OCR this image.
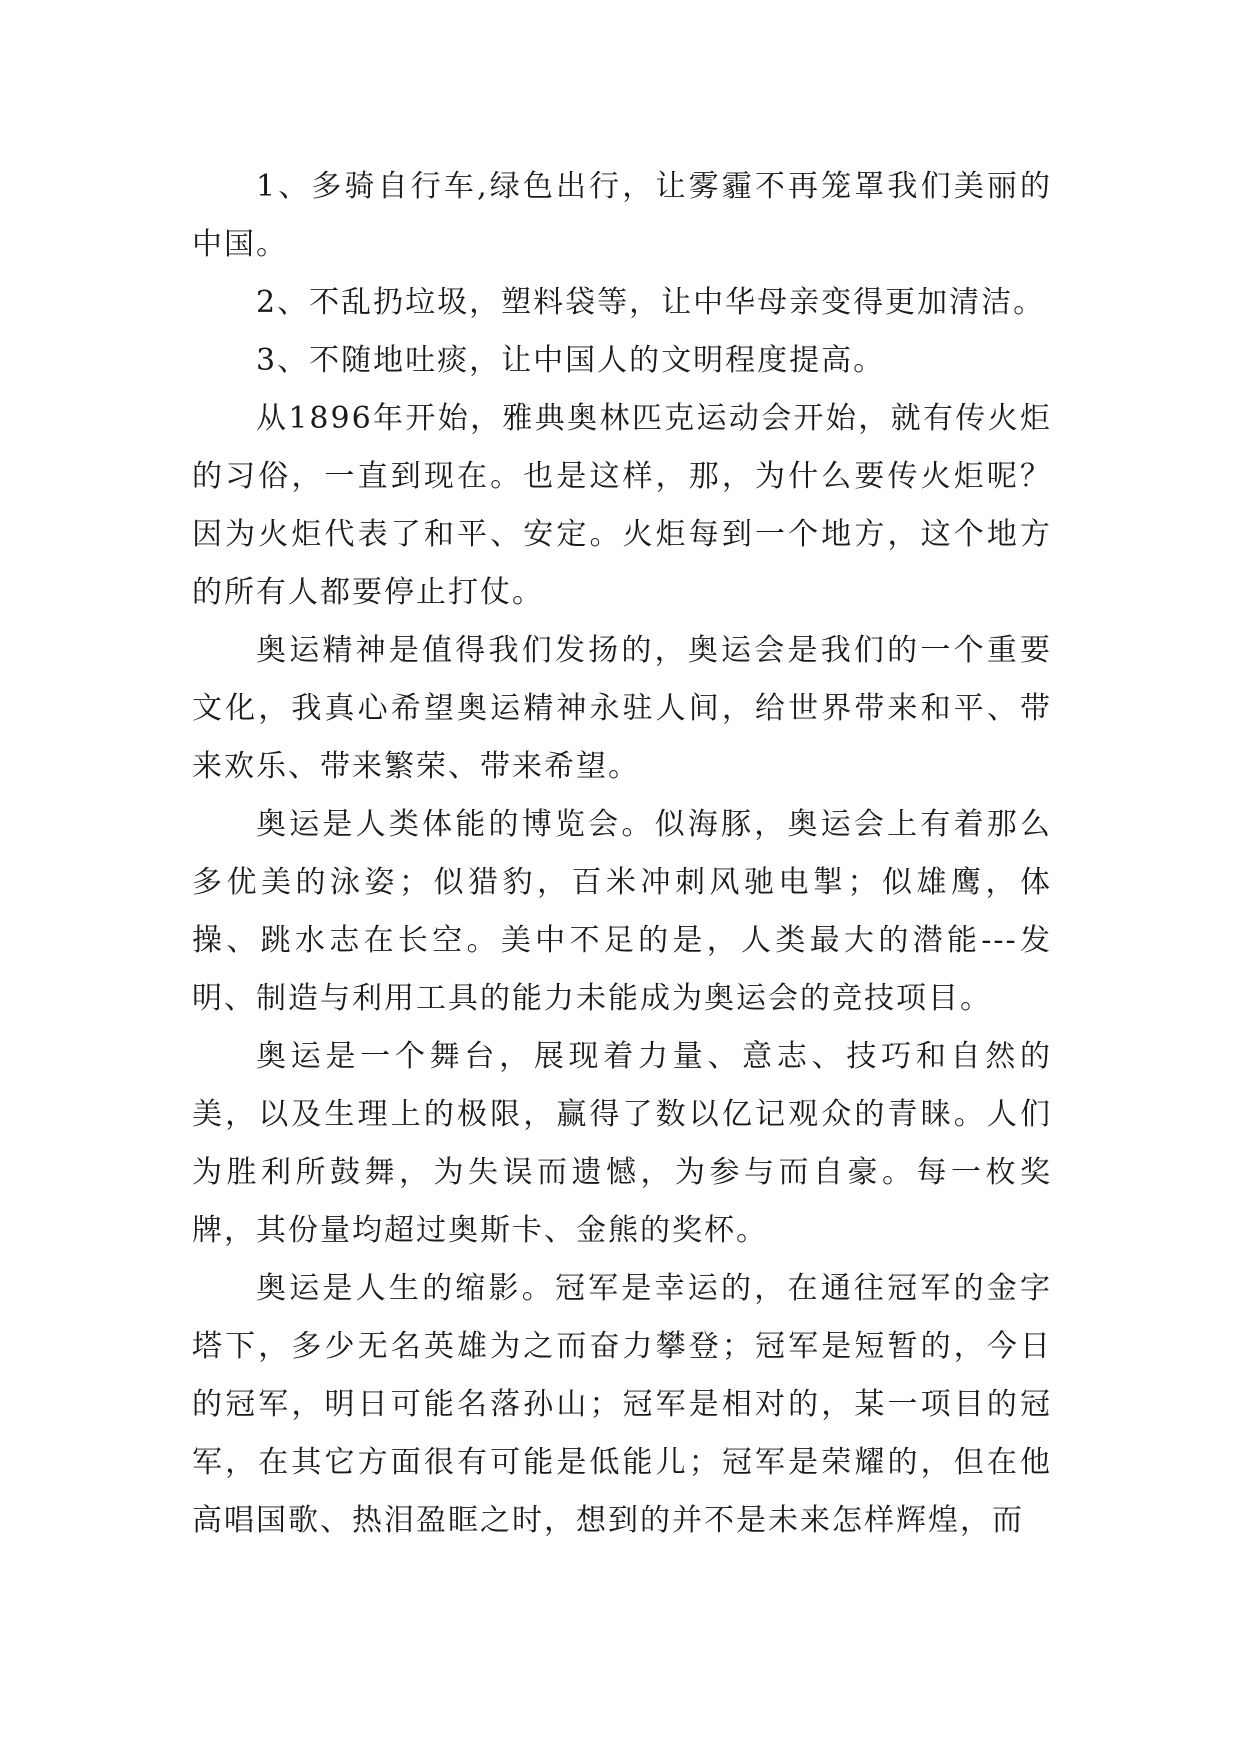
1、多骑自行车,绿色出行，让雾霾不再笼罩我们美丽的中国。

2、不乱扔垃圾，塑料袋等，让中华母亲变得更加清洁。

3、不随地吐痰，让中国人的文明程度提高。

从1896年开始，雅典奥林匹克运动会开始，就有传火炬的习俗，一直到现在。也是这样，那，为什么要传火炬呢？因为火炬代表了和平、安定。火炬每到一个地方，这个地方的所有人都要停止打仗。

奥运精神是值得我们发扬的，奥运会是我们的一个重要文化，我真心希望奥运精神永驻人间，给世界带来和平、带来欢乐、带来繁荣、带来希望。

奥运是人类体能的博览会。似海豚，奥运会上有着那么多优美的泳姿；似猎豹，百米冲刺风驰电掣；似雄鹰，体操、跳水志在长空。美中不足的是，人类最大的潜能---发明、制造与利用工具的能力未能成为奥运会的竞技项目。

奥运是一个舞台，展现着力量、意志、技巧和自然的美，以及生理上的极限，赢得了数以亿记观众的青睐。人们为胜利所鼓舞，为失误而遗憾，为参与而自豪。每一枚奖牌，其份量均超过奥斯卡、金熊的奖杯。

奥运是人生的缩影。冠军是幸运的，在通往冠军的金字塔下，多少无名英雄为之而奋力攀登；冠军是短暂的，今日的冠军，明日可能名落孙山；冠军是相对的，某一项目的冠军，在其它方面很有可能是低能儿；冠军是荣耀的，但在他高唱国歌、热泪盈眶之时，想到的并不是未来怎样辉煌，而
